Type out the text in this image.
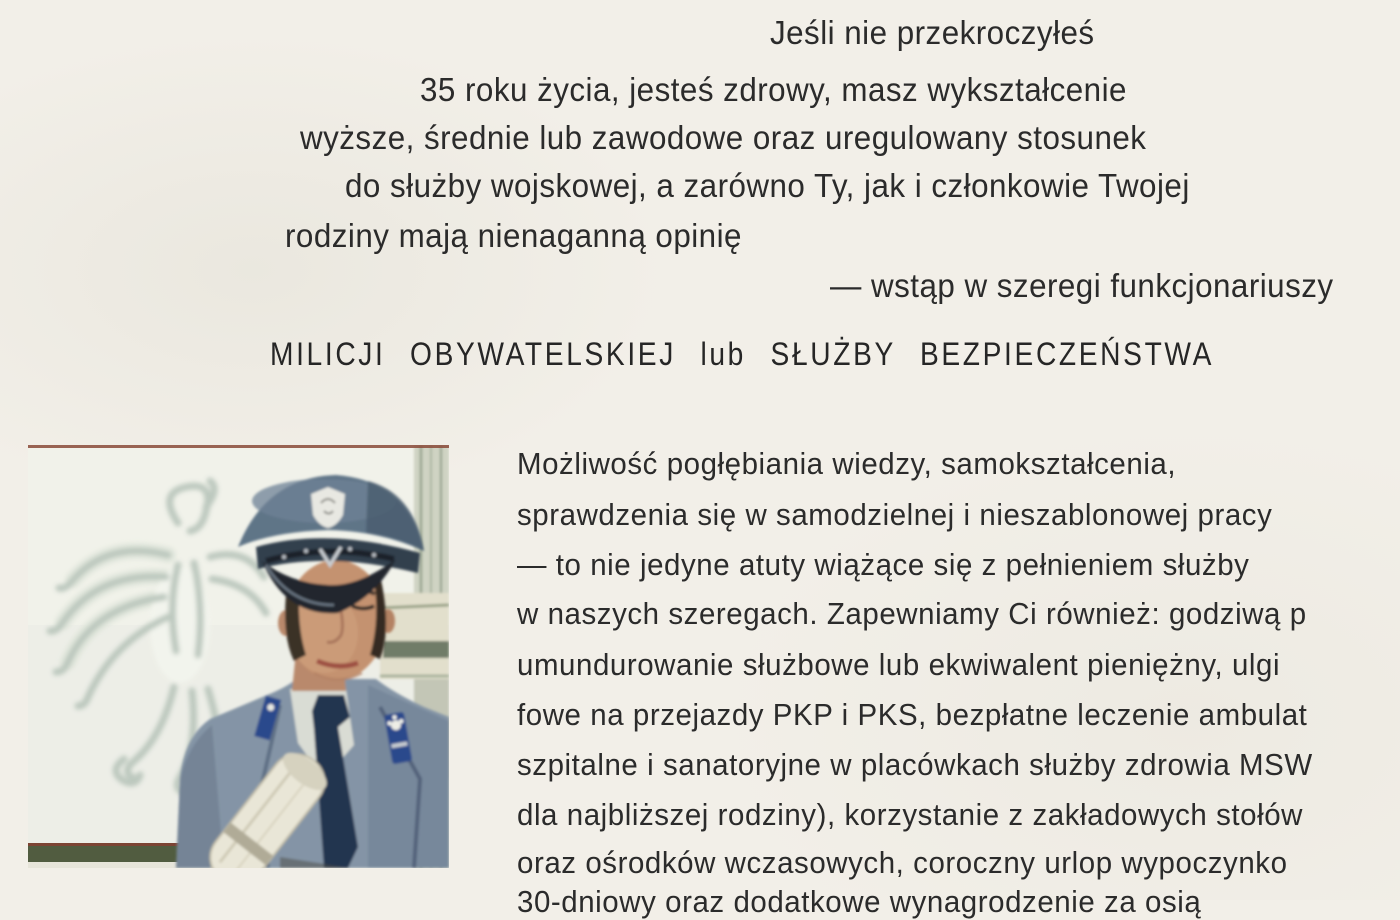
Jeśli nie przekroczyłeś
35 roku życia, jesteś zdrowy, masz wykształcenie
wyższe, średnie lub zawodowe oraz uregulowany stosunek
do służby wojskowej, a zarówno Ty, jak i członkowie Twojej
rodziny mają nienaganną opinię
— wstąp w szeregi funkcjonariuszy
MILICJI OBYWATELSKIEJ lub SŁUŻBY BEZPIECZEŃSTWA
Możliwość pogłębiania wiedzy, samokształcenia,
sprawdzenia się w samodzielnej i nieszablonowej pracy
— to nie jedyne atuty wiążące się z pełnieniem służby
w naszych szeregach. Zapewniamy Ci również: godziwą p
umundurowanie służbowe lub ekwiwalent pieniężny, ulgi
fowe na przejazdy PKP i PKS, bezpłatne leczenie ambulat
szpitalne i sanatoryjne w placówkach służby zdrowia MSW
dla najbliższej rodziny), korzystanie z zakładowych stołów
oraz ośrodków wczasowych, coroczny urlop wypoczynko
30-dniowy oraz dodatkowe wynagrodzenie za osią
